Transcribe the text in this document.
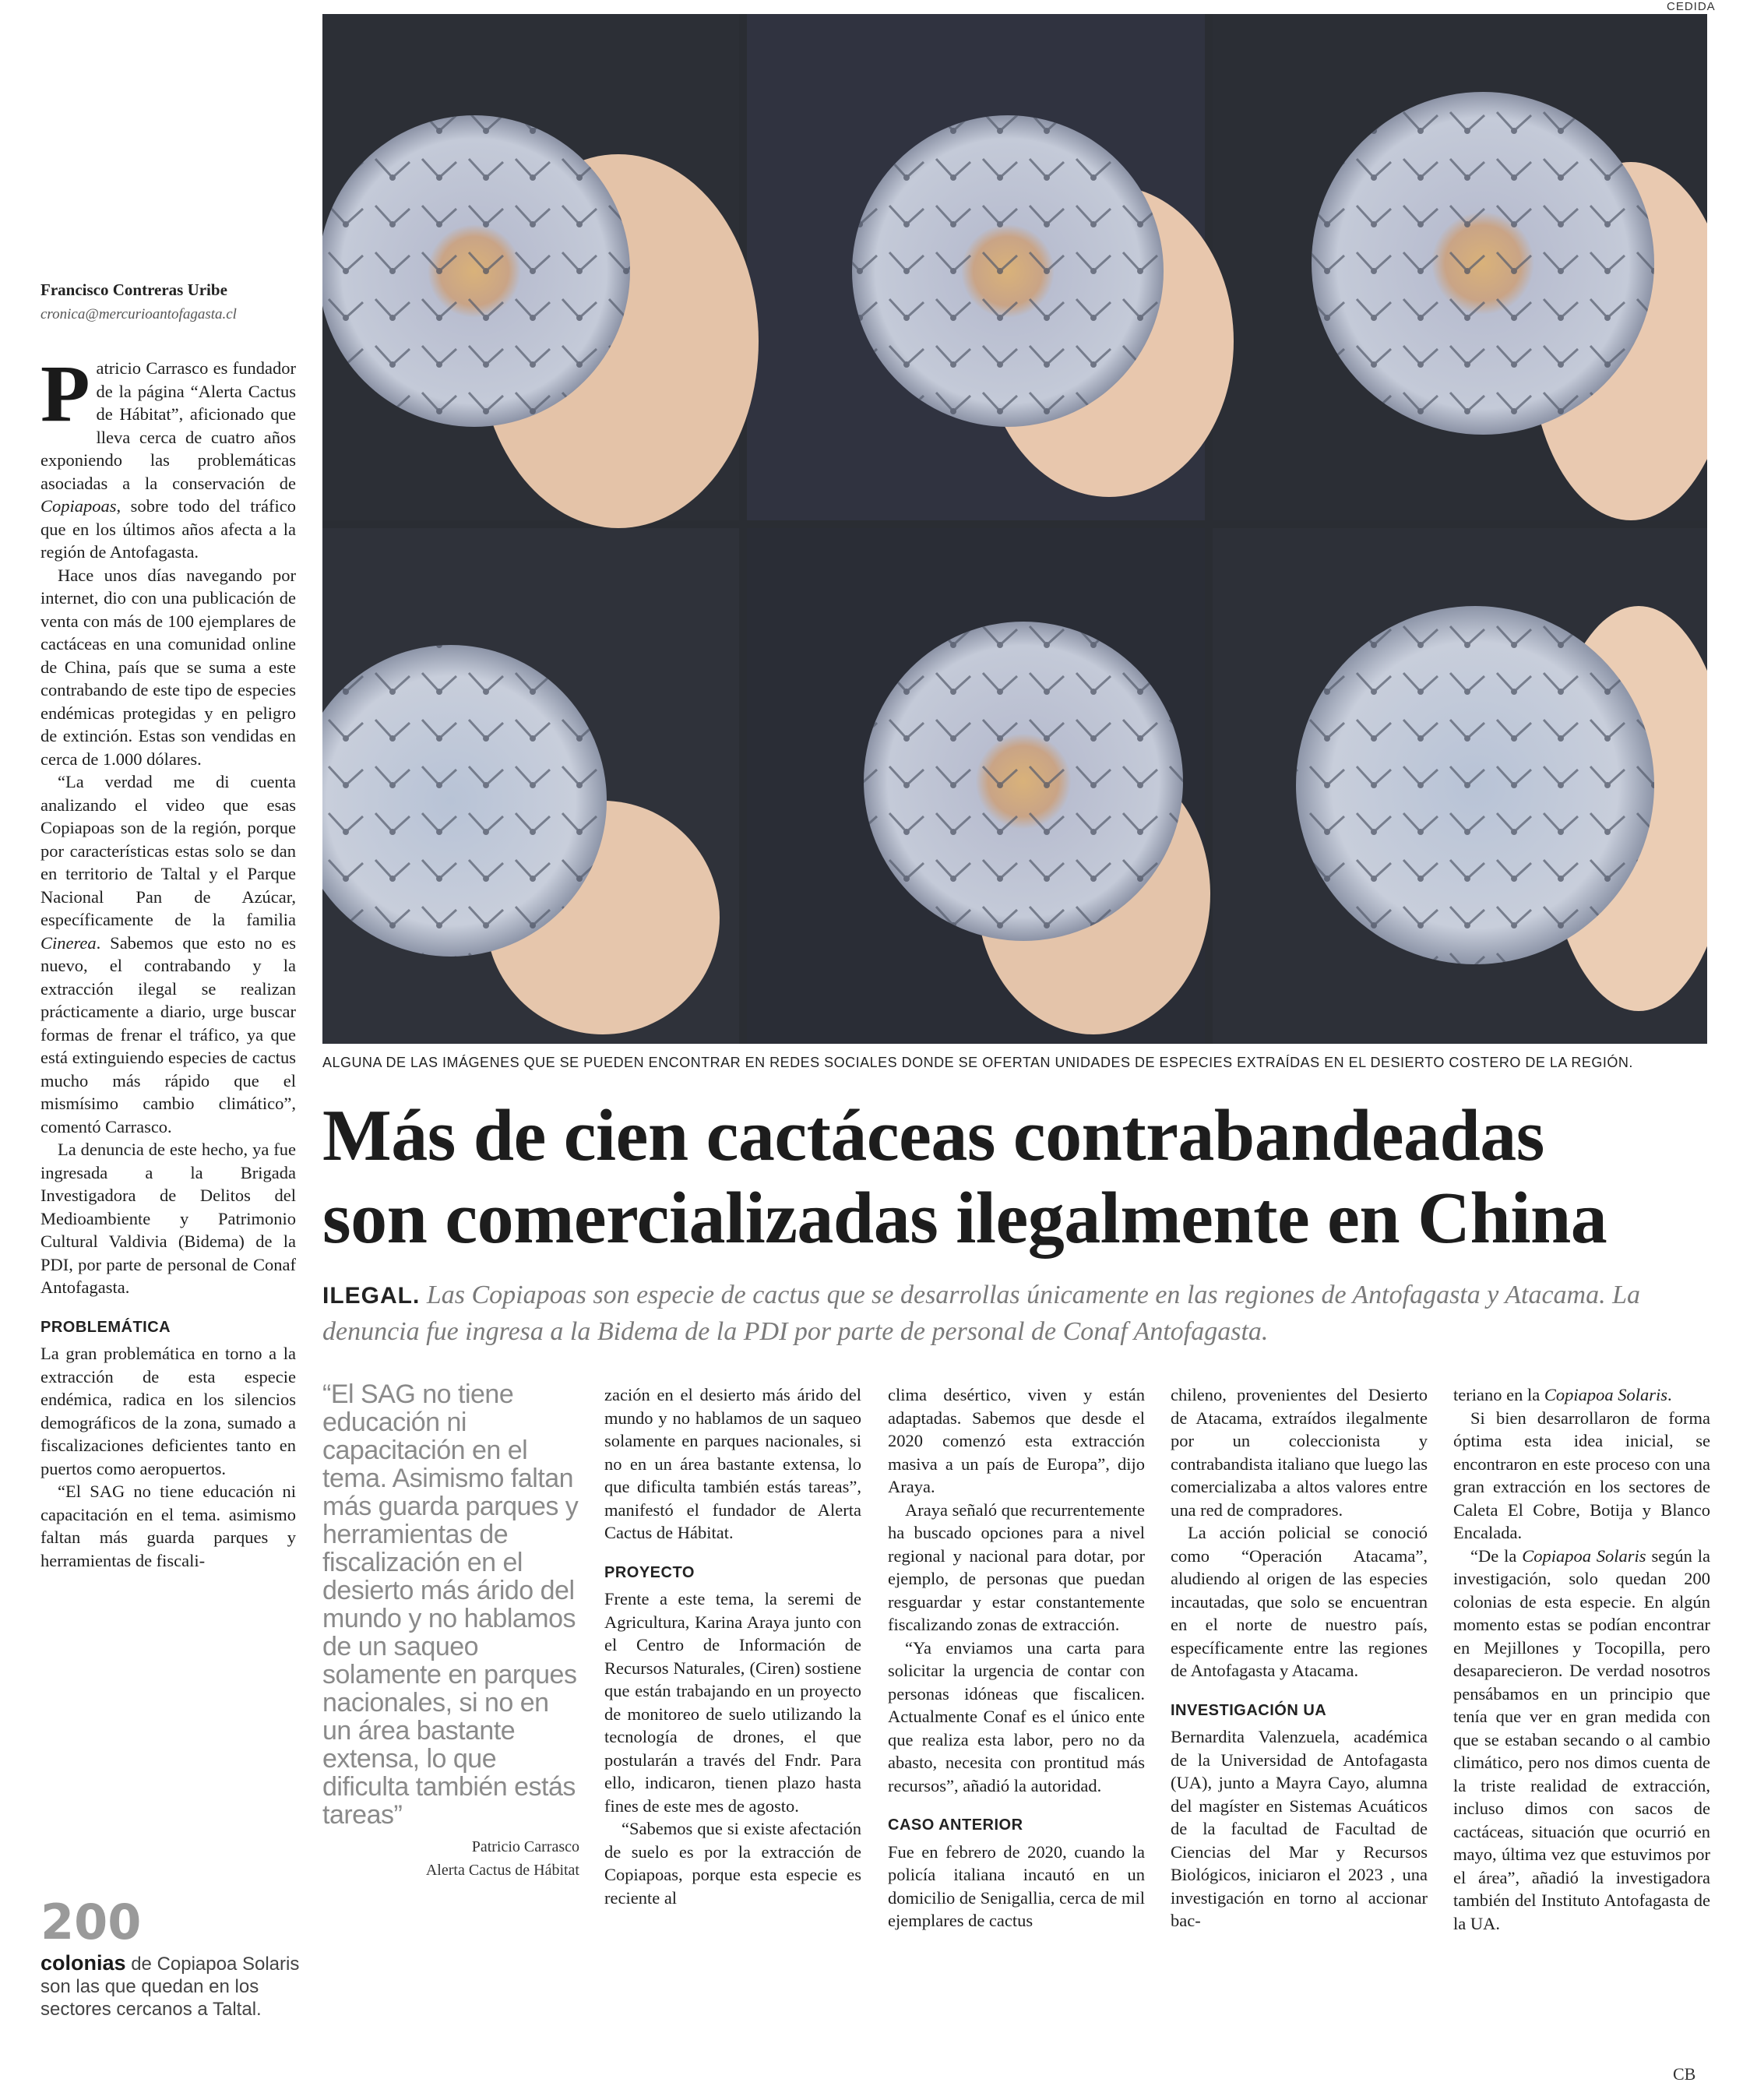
CEDIDA
ALGUNA DE LAS IMÁGENES QUE SE PUEDEN ENCONTRAR EN REDES SOCIALES DONDE SE OFERTAN UNIDADES DE ESPECIES EXTRAÍDAS EN EL DESIERTO COSTERO DE LA REGIÓN.
Más de cien cactáceas contrabandeadas
son comercializadas ilegalmente en China
ILEGAL. Las Copiapoas son especie de cactus que se desarrollas únicamente en las regiones de Antofagasta y Atacama. La denuncia fue ingresa a la Bidema de la PDI por parte de personal de Conaf Antofagasta.
Francisco Contreras Uribe
cronica@mercurioantofagasta.cl

Patricio Carrasco es fundador de la página “Alerta Cactus de Hábitat”, aficionado que lleva cerca de cuatro años exponiendo las problemáticas asociadas a la conservación de Copiapoas, sobre todo del tráfico que en los últimos años afecta a la región de Antofagasta.

Hace unos días navegando por internet, dio con una publicación de venta con más de 100 ejemplares de cactáceas en una comunidad online de China, país que se suma a este contrabando de este tipo de especies endémicas protegidas y en peligro de extinción. Estas son vendidas en cerca de 1.000 dólares.

“La verdad me di cuenta analizando el video que esas Copiapoas son de la región, porque por características estas solo se dan en territorio de Taltal y el Parque Nacional Pan de Azúcar, específicamente de la familia Cinerea. Sabemos que esto no es nuevo, el contrabando y la extracción ilegal se realizan prácticamente a diario, urge buscar formas de frenar el tráfico, ya que está extinguiendo especies de cactus mucho más rápido que el mismísimo cambio climático”, comentó Carrasco.

La denuncia de este hecho, ya fue ingresada a la Brigada Investigadora de Delitos del Medioambiente y Patrimonio Cultural Valdivia (Bidema) de la PDI, por parte de personal de Conaf Antofagasta.

PROBLEMÁTICA

La gran problemática en torno a la extracción de esta especie endémica, radica en los silencios demográficos de la zona, sumado a fiscalizaciones deficientes tanto en puertos como aeropuertos.

“El SAG no tiene educación ni capacitación en el tema. asimismo faltan más guarda parques y herramientas de fiscali-

“El SAG no tiene educación ni capacitación en el tema. Asimismo faltan más guarda parques y herramientas de fiscalización en el desierto más árido del mundo y no hablamos de un saqueo solamente en parques nacionales, si no en un área bastante extensa, lo que dificulta también estás tareas”
Patricio Carrasco
Alerta Cactus de Hábitat

zación en el desierto más árido del mundo y no hablamos de un saqueo solamente en parques nacionales, si no en un área bastante extensa, lo que dificulta también estás tareas”, manifestó el fundador de Alerta Cactus de Hábitat.

PROYECTO

Frente a este tema, la seremi de Agricultura, Karina Araya junto con el Centro de Información de Recursos Naturales, (Ciren) sostiene que están trabajando en un proyecto de monitoreo de suelo utilizando la tecnología de drones, el que postularán a través del Fndr. Para ello, indicaron, tienen plazo hasta fines de este mes de agosto.

“Sabemos que si existe afectación de suelo es por la extracción de Copiapoas, porque esta especie es reciente al

clima desértico, viven y están adaptadas. Sabemos que desde el 2020 comenzó esta extracción masiva a un país de Europa”, dijo Araya.

Araya señaló que recurrentemente ha buscado opciones para a nivel regional y nacional para dotar, por ejemplo, de personas que puedan resguardar y estar constantemente fiscalizando zonas de extracción.

“Ya enviamos una carta para solicitar la urgencia de contar con personas idóneas que fiscalicen. Actualmente Conaf es el único ente que realiza esta labor, pero no da abasto, necesita con prontitud más recursos”, añadió la autoridad.

CASO ANTERIOR

Fue en febrero de 2020, cuando la policía italiana incautó en un domicilio de Senigallia, cerca de mil ejemplares de cactus

chileno, provenientes del Desierto de Atacama, extraídos ilegalmente por un coleccionista y contrabandista italiano que luego las comercializaba a altos valores entre una red de compradores.

La acción policial se conoció como “Operación Atacama”, aludiendo al origen de las especies incautadas, que solo se encuentran en el norte de nuestro país, específicamente entre las regiones de Antofagasta y Atacama.

INVESTIGACIÓN UA

Bernardita Valenzuela, académica de la Universidad de Antofagasta (UA), junto a Mayra Cayo, alumna del magíster en Sistemas Acuáticos de la facultad de Facultad de Ciencias del Mar y Recursos Biológicos, iniciaron el 2023 , una investigación en torno al accionar bac-

teriano en la Copiapoa Solaris.

Si bien desarrollaron de forma óptima esta idea inicial, se encontraron en este proceso con una gran extracción en los sectores de Caleta El Cobre, Botija y Blanco Encalada.

“De la Copiapoa Solaris según la investigación, solo quedan 200 colonias de esta especie. En algún momento estas se podían encontrar en Mejillones y Tocopilla, pero desaparecieron. De verdad nosotros pensábamos en un principio que tenía que ver en gran medida con que se estaban secando o al cambio climático, pero nos dimos cuenta de la triste realidad de extracción, incluso dimos con sacos de cactáceas, situación que ocurrió en mayo, última vez que estuvimos por el área”, añadió la investigadora también del Instituto Antofagasta de la UA.

CB
200
colonias de Copiapoa Solaris son las que quedan en los sectores cercanos a Taltal.
